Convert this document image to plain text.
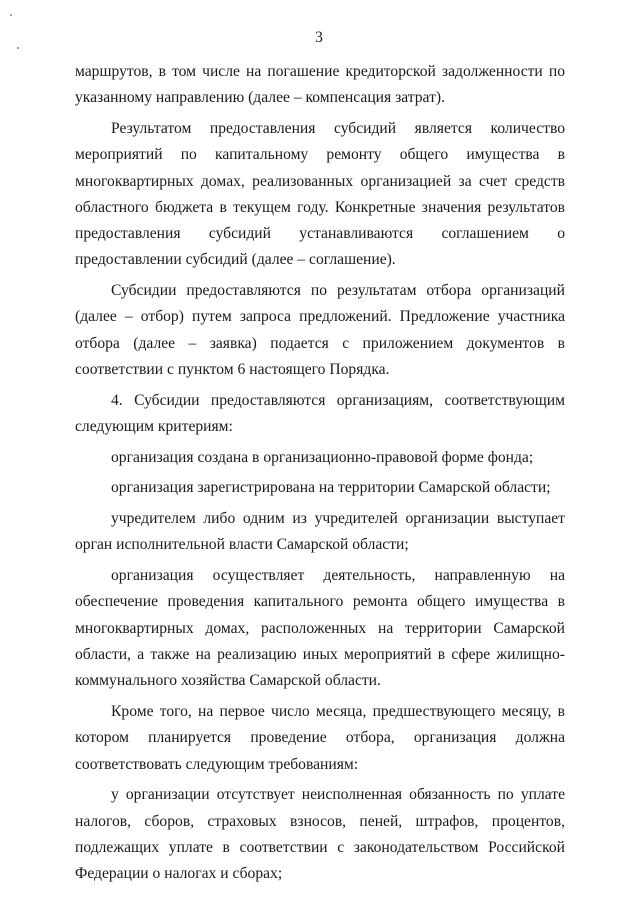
3

маршрутов, в том числе на погашение кредиторской задолженности по указанному направлению (далее – компенсация затрат).

Результатом предоставления субсидий является количество мероприятий по капитальному ремонту общего имущества в многоквартирных домах, реализованных организацией за счет средств областного бюджета в текущем году. Конкретные значения результатов предоставления субсидий устанавливаются соглашением о предоставлении субсидий (далее – соглашение).

Субсидии предоставляются по результатам отбора организаций (далее – отбор) путем запроса предложений. Предложение участника отбора (далее – заявка) подается с приложением документов в соответствии с пунктом 6 настоящего Порядка.

4. Субсидии предоставляются организациям, соответствующим следующим критериям:

организация создана в организационно-правовой форме фонда;

организация зарегистрирована на территории Самарской области;

учредителем либо одним из учредителей организации выступает орган исполнительной власти Самарской области;

организация осуществляет деятельность, направленную на обеспечение проведения капитального ремонта общего имущества в многоквартирных домах, расположенных на территории Самарской области, а также на реализацию иных мероприятий в сфере жилищно-коммунального хозяйства Самарской области.

Кроме того, на первое число месяца, предшествующего месяцу, в котором планируется проведение отбора, организация должна соответствовать следующим требованиям:

у организации отсутствует неисполненная обязанность по уплате налогов, сборов, страховых взносов, пеней, штрафов, процентов, подлежащих уплате в соответствии с законодательством Российской Федерации о налогах и сборах;
